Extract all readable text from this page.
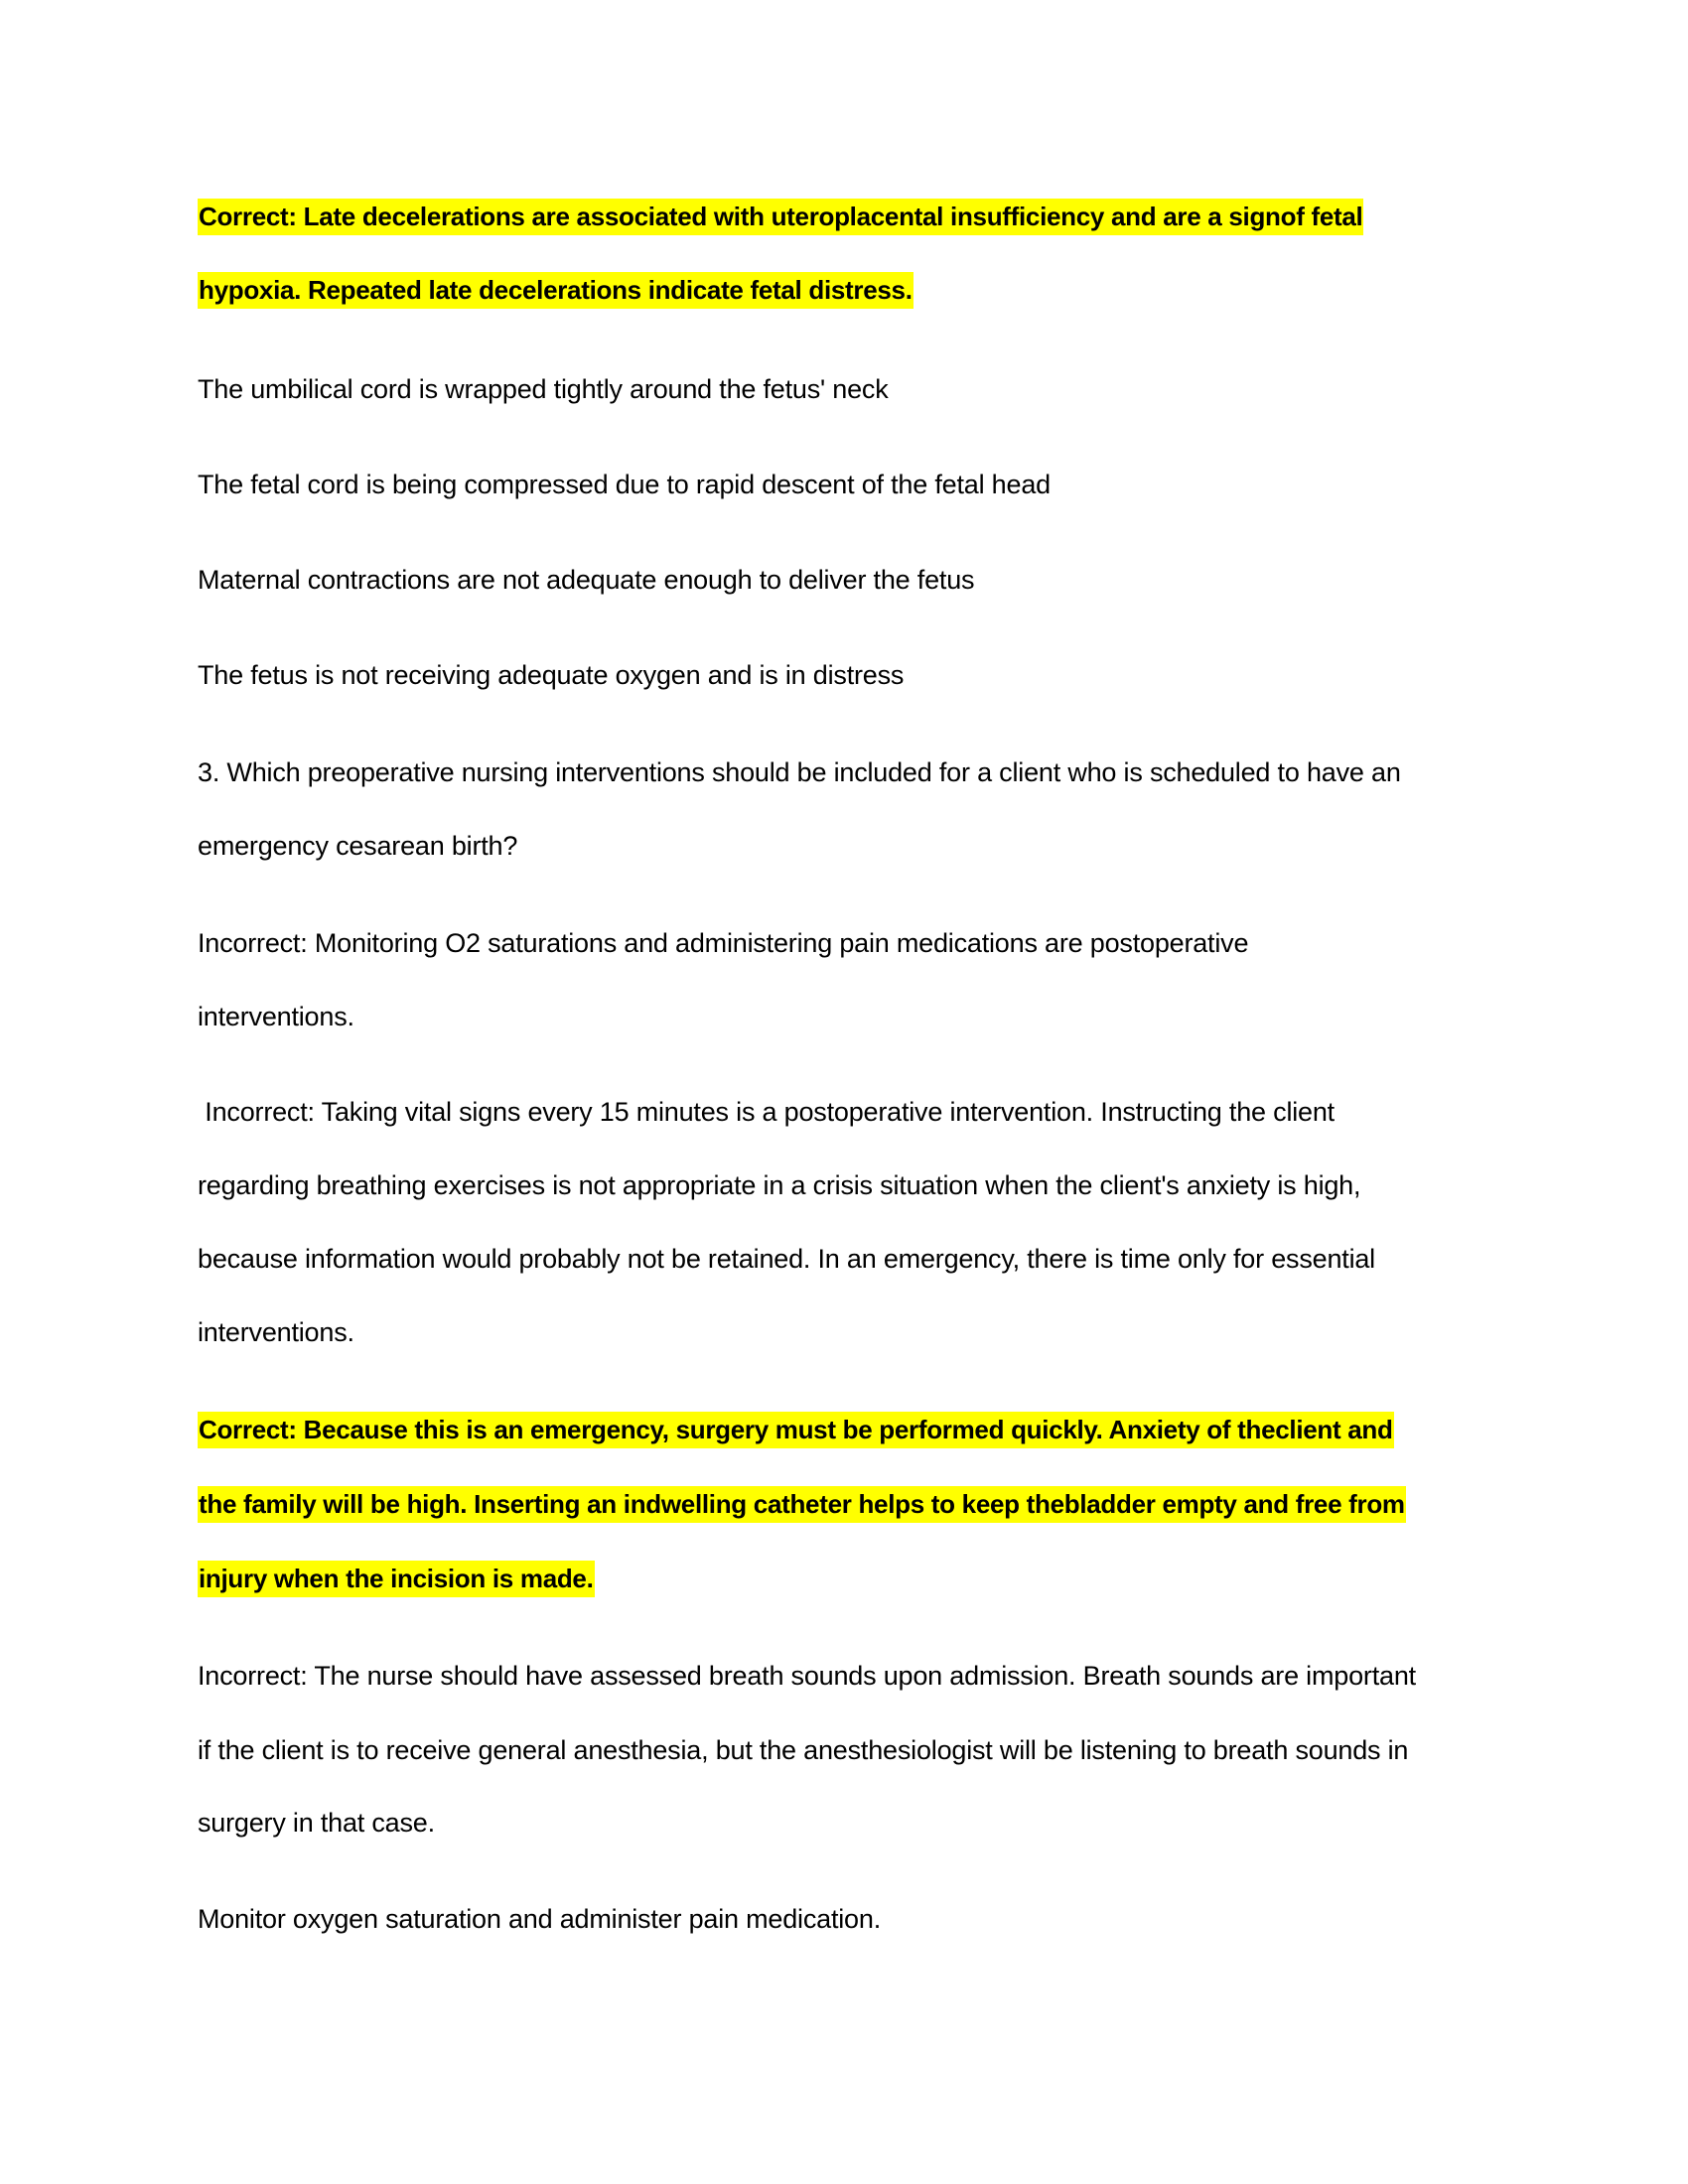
Correct: Late decelerations are associated with uteroplacental insufficiency and are a signof fetal
hypoxia. Repeated late decelerations indicate fetal distress.
The umbilical cord is wrapped tightly around the fetus' neck
The fetal cord is being compressed due to rapid descent of the fetal head
Maternal contractions are not adequate enough to deliver the fetus
The fetus is not receiving adequate oxygen and is in distress
3. Which preoperative nursing interventions should be included for a client who is scheduled to have an
emergency cesarean birth?
Incorrect: Monitoring O2 saturations and administering pain medications are postoperative
interventions.
Incorrect: Taking vital signs every 15 minutes is a postoperative intervention. Instructing the client
regarding breathing exercises is not appropriate in a crisis situation when the client's anxiety is high,
because information would probably not be retained. In an emergency, there is time only for essential
interventions.
Correct: Because this is an emergency, surgery must be performed quickly. Anxiety of theclient and
the family will be high. Inserting an indwelling catheter helps to keep thebladder empty and free from
injury when the incision is made.
Incorrect: The nurse should have assessed breath sounds upon admission. Breath sounds are important
if the client is to receive general anesthesia, but the anesthesiologist will be listening to breath sounds in
surgery in that case.
Monitor oxygen saturation and administer pain medication.
